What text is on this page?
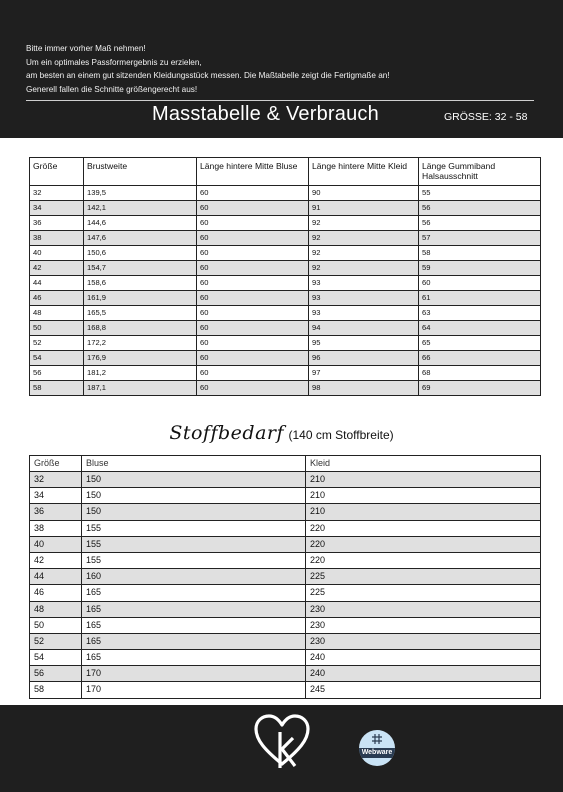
Bitte immer vorher Maß nehmen!
Um ein optimales Passformergebnis zu erzielen,
am besten an einem gut sitzenden Kleidungsstück messen. Die Maßtabelle zeigt die Fertigmaße an!
Generell fallen die Schnitte größengerecht aus!
Masstabelle & Verbrauch	GRÖSSE: 32 - 58
Größe	Brustweite	Länge hintere Mitte Bluse	Länge hintere Mitte Kleid	Länge Gummiband Halsausschnitt
32	139,5	60	90	55
34	142,1	60	91	56
36	144,6	60	92	56
38	147,6	60	92	57
40	150,6	60	92	58
42	154,7	60	92	59
44	158,6	60	93	60
46	161,9	60	93	61
48	165,5	60	93	63
50	168,8	60	94	64
52	172,2	60	95	65
54	176,9	60	96	66
56	181,2	60	97	68
58	187,1	60	98	69
Stoffbedarf (140 cm Stoffbreite)
Größe	Bluse	Kleid
32	150	210
34	150	210
36	150	210
38	155	220
40	155	220
42	155	220
44	160	225
46	165	225
48	165	230
50	165	230
52	165	230
54	165	240
56	170	240
58	170	245
Webware
